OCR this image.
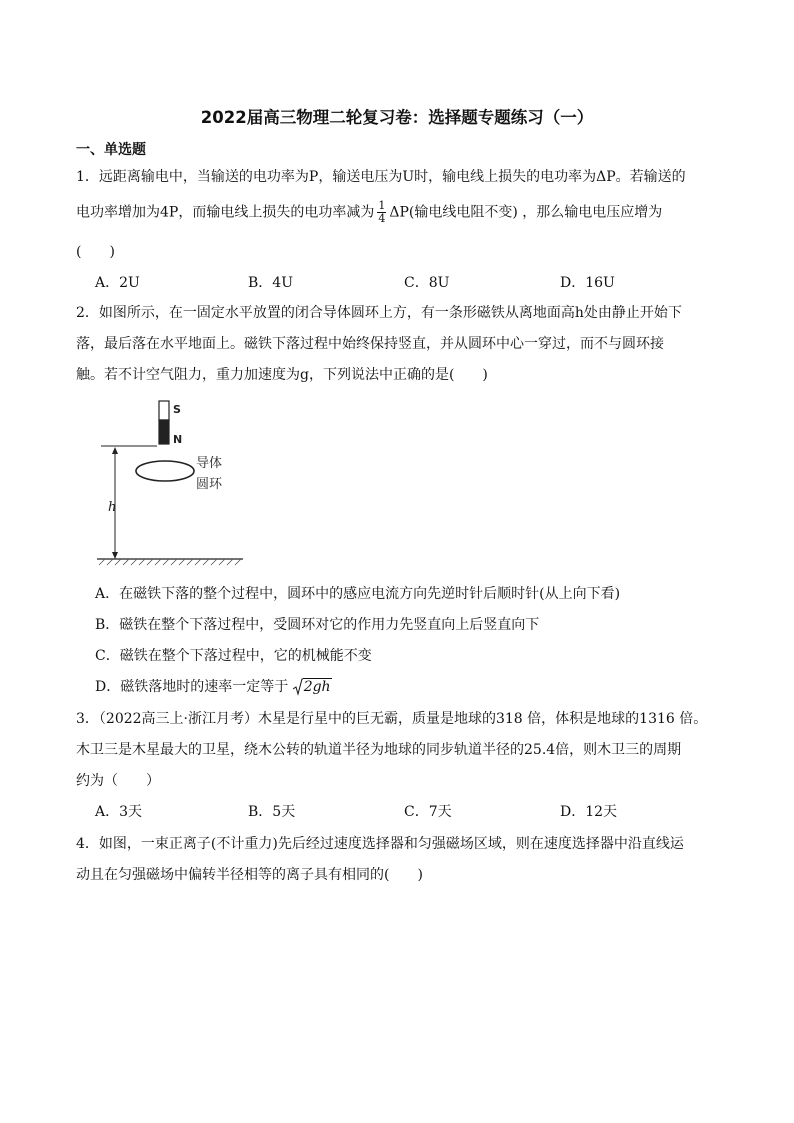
2022届高三物理二轮复习卷：选择题专题练习（一）
一、单选题
1．远距离输电中，当输送的电功率为P，输送电压为U时，输电线上损失的电功率为ΔP。若输送的
电功率增加为4P，而输电线上损失的电功率减为 $\frac{1}{4} \Delta P$(输电线电阻不变) ，那么输电电压应增为
(　　)
A．2U	B．4U	C．8U	D．16U
2．如图所示，在一固定水平放置的闭合导体圆环上方，有一条形磁铁从离地面高h处由静止开始下
落，最后落在水平地面上。磁铁下落过程中始终保持竖直，并从圆环中心一穿过，而不与圆环接
触。若不计空气阻力，重力加速度为g，下列说法中正确的是(　　)
S
N
导体
圆环
h
A．在磁铁下落的整个过程中，圆环中的感应电流方向先逆时针后顺时针(从上向下看)
B．磁铁在整个下落过程中，受圆环对它的作用力先竖直向上后竖直向下
C．磁铁在整个下落过程中，它的机械能不变
D．磁铁落地时的速率一定等于 2gh
3．（2022高三上·浙江月考）木星是行星中的巨无霸，质量是地球的318 倍，体积是地球的1316 倍。
木卫三是木星最大的卫星，绕木公转的轨道半径为地球的同步轨道半径的25.4倍，则木卫三的周期
约为（　　）
A．3天	B．5天	C．7天	D．12天
4．如图，一束正离子(不计重力)先后经过速度选择器和匀强磁场区域，则在速度选择器中沿直线运
动且在匀强磁场中偏转半径相等的离子具有相同的(　　)
